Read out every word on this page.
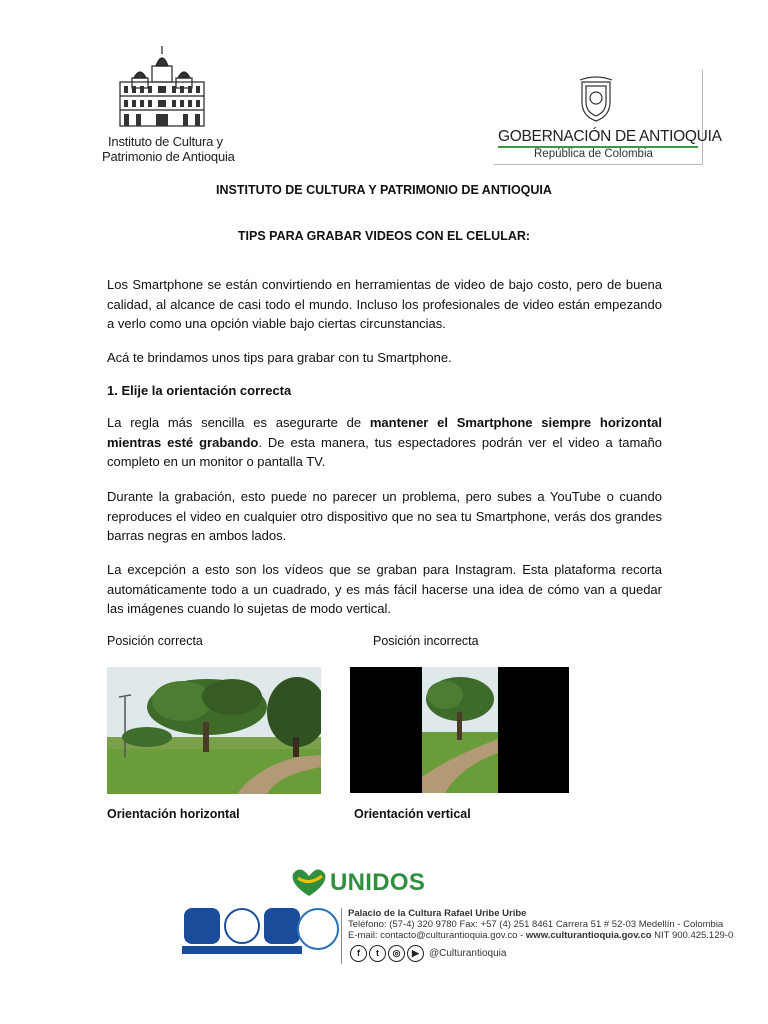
Instituto de Cultura y
Patrimonio de Antioquia
GOBERNACIÓN DE ANTIOQUIA
República de Colombia
INSTITUTO DE CULTURA Y PATRIMONIO DE ANTIOQUIA
TIPS PARA GRABAR VIDEOS CON EL CELULAR:
Los Smartphone se están convirtiendo en herramientas de video de bajo costo, pero de buena calidad, al alcance de casi todo el mundo. Incluso los profesionales de video están empezando a verlo como una opción viable bajo ciertas circunstancias.
Acá te brindamos unos tips para grabar con tu Smartphone.
1. Elije la orientación correcta
La regla más sencilla es asegurarte de mantener el Smartphone siempre horizontal mientras esté grabando. De esta manera, tus espectadores podrán ver el video a tamaño completo en un monitor o pantalla TV.
Durante la grabación, esto puede no parecer un problema, pero subes a YouTube o cuando reproduces el video en cualquier otro dispositivo que no sea tu Smartphone, verás dos grandes barras negras en ambos lados.
La excepción a esto son los vídeos que se graban para Instagram. Esta plataforma recorta automáticamente todo a un cuadrado, y es más fácil hacerse una idea de cómo van a quedar las imágenes cuando lo sujetas de modo vertical.
Posición correcta	Posición incorrecta
Orientación horizontal	Orientación vertical
UNIDOS
Palacio de la Cultura Rafael Uribe Uribe
Teléfono: (57-4) 320 9780 Fax: +57 (4) 251 8461 Carrera 51 # 52-03 Medellín - Colombia
E-mail: contacto@culturantioquia.gov.co - www.culturantioquia.gov.co NIT 900.425.129-0
f	t	◎	▶	@Culturantioquia
